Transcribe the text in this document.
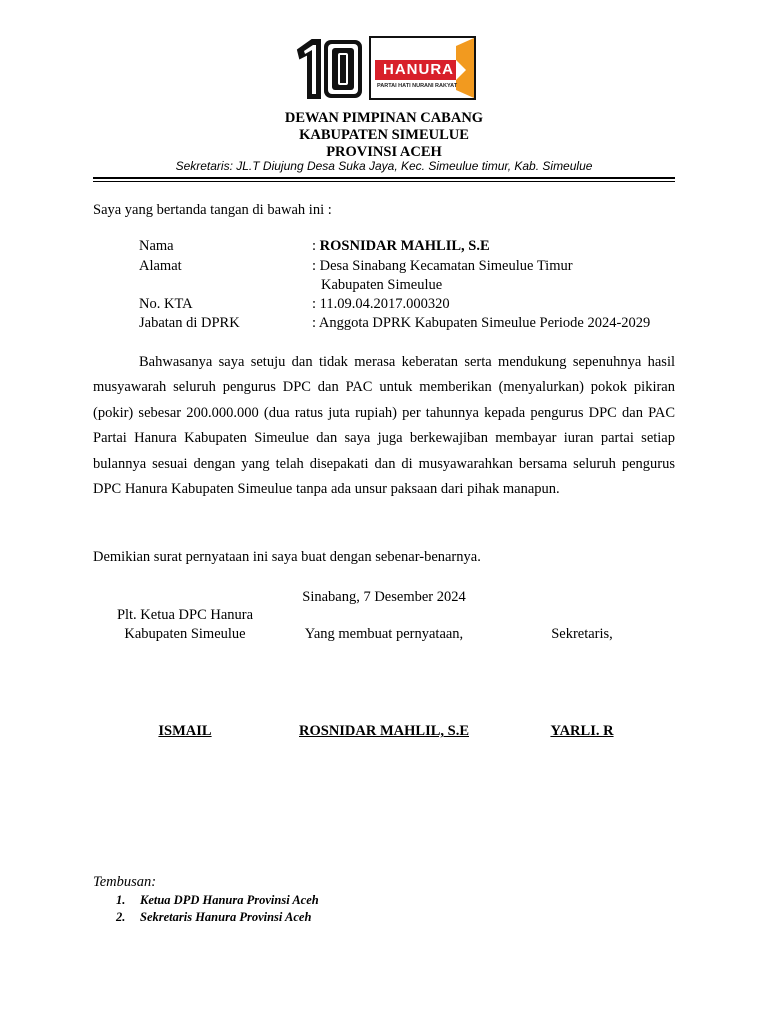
HANURA
PARTAI HATI NURANI RAKYAT
DEWAN PIMPINAN CABANG
KABUPATEN SIMEULUE
PROVINSI ACEH
Sekretaris: JL.T Diujung Desa Suka Jaya, Kec. Simeulue timur, Kab. Simeulue
Saya yang bertanda tangan di bawah ini :
Nama	: ROSNIDAR MAHLIL, S.E
Alamat	: Desa Sinabang Kecamatan Simeulue Timur
Kabupaten Simeulue
No. KTA	: 11.09.04.2017.000320
Jabatan di DPRK	: Anggota DPRK Kabupaten Simeulue Periode 2024-2029
Bahwasanya saya setuju dan tidak merasa keberatan serta mendukung sepenuhnya hasil musyawarah seluruh pengurus DPC dan PAC untuk memberikan (menyalurkan) pokok pikiran (pokir) sebesar 200.000.000 (dua ratus juta rupiah) per tahunnya kepada pengurus DPC dan PAC Partai Hanura Kabupaten Simeulue dan saya juga berkewajiban membayar iuran partai setiap bulannya sesuai dengan yang telah disepakati dan di musyawarahkan bersama seluruh pengurus DPC Hanura Kabupaten Simeulue tanpa ada unsur paksaan dari pihak manapun.
Demikian surat pernyataan ini saya buat dengan sebenar-benarnya.
Sinabang, 7 Desember 2024
Plt. Ketua DPC Hanura
Kabupaten Simeulue	Yang membuat pernyataan,	Sekretaris,
ISMAIL	ROSNIDAR MAHLIL, S.E	YARLI. R
Tembusan:
1. Ketua DPD Hanura Provinsi Aceh
2. Sekretaris Hanura Provinsi Aceh
